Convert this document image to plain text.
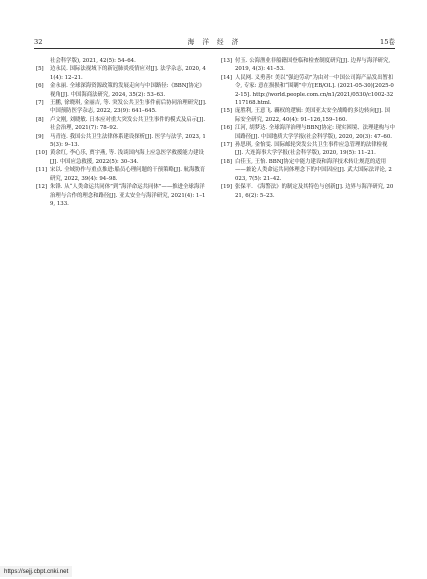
32	海 洋 经 济	15卷

社会科学版), 2021, 42(5): 54–64.

[5] 边永民. 国际法视域下的新冠肺炎疫情应对[J]. 法学杂志, 2020, 41(4): 12–21.

[6] 金永丽. 全球深海资源政策的发展走向与中国路径:《BBNJ协定》视角[J]. 中国海商法研究, 2024, 35(2): 53–63.

[7] 王鹏, 徐晓琪, 金丽吉, 等. 突发公共卫生事件前后协同治理研究[J]. 中国预防医学杂志, 2022, 23(9): 641–645.

[8] 卢文刚, 刘晓敏. 日本应对重大突发公共卫生事件的模式及启示[J]. 社会治理, 2021(7): 78–92.

[9] 马青连. 我国公共卫生法律体系建设探析[J]. 医学与法学, 2023, 15(3): 9–13.

[10] 黄余红, 李心乐, 贾宇燕, 等. 浅谈国内海上应急医学救援能力建设[J]. 中国应急救援, 2022(5): 30–34.

[11] 宋以. 全域协作与重点推进:船员心理问题的干预策略[J]. 航海教育研究, 2022, 39(4): 94–98.

[12] 朱锋. 从“人类命运共同体”到“海洋命运共同体”——推进全球海洋治理与合作的理念和路径[J]. 亚太安全与海洋研究, 2021(4): 1–19, 133.

[13] 付玉. 公海渔业非船籍国登临和检查制度研究[J]. 边界与海洋研究, 2019, 4(3): 41–53.

[14] 人民网. 义勇善! 美以“强迫劳动”为由对一中国公司海产品发出暂扣令, 专家: 意在损损和“围剿”中方[EB/OL]. (2021-05-30)[2025-02-15]. http://world.people.com.cn/n1/2021/0530/c1002-32117168.html.

[15] 庞胜利, 王意飞. 覊权的逻辑: 美国亚太安全战略的多边转向[J]. 国际安全研究, 2022, 40(4): 91–126,159–160.

[16] 江河, 胡梦达. 全球海洋治理与BBNJ协定: 现实困境、法理建构与中国路径[J]. 中国地质大学学报(社会科学版), 2020, 20(3): 47–60.

[17] 孙思琪, 金怡雯. 国际邮轮突发公共卫生事件应急管理的法律检视[J]. 大连海事大学学报(社会科学版), 2020, 19(5): 11–21.

[18] 白佳玉, 王怡. BBNJ协定中能力建设和海洋技术转让规范的适用——兼论人类命运共同体理念下的中国因应[J]. 武大国际法评论, 2023, 7(5): 21–42.

[19] 张保平. 《海警法》的制定及其特色与创新[J]. 边界与海洋研究, 2021, 6(2): 5–23.

https://sejj.cbpt.cnki.net
